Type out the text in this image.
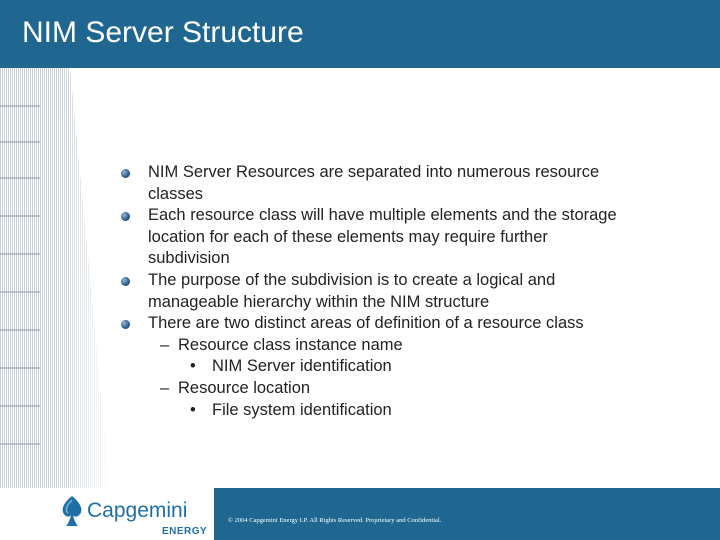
NIM Server Structure
NIM Server Resources are separated into numerous resource
classes
Each resource class will have multiple elements and the storage
location for each of these elements may require further
subdivision
The purpose of the subdivision is to create a logical and
manageable hierarchy within the NIM structure
There are two distinct areas of definition of a resource class
– Resource class instance name
• NIM Server identification
– Resource location
• File system identification
Capgemini
ENERGY
© 2004 Capgemini Energy LP. All Rights Reserved. Proprietary and Confidential.
